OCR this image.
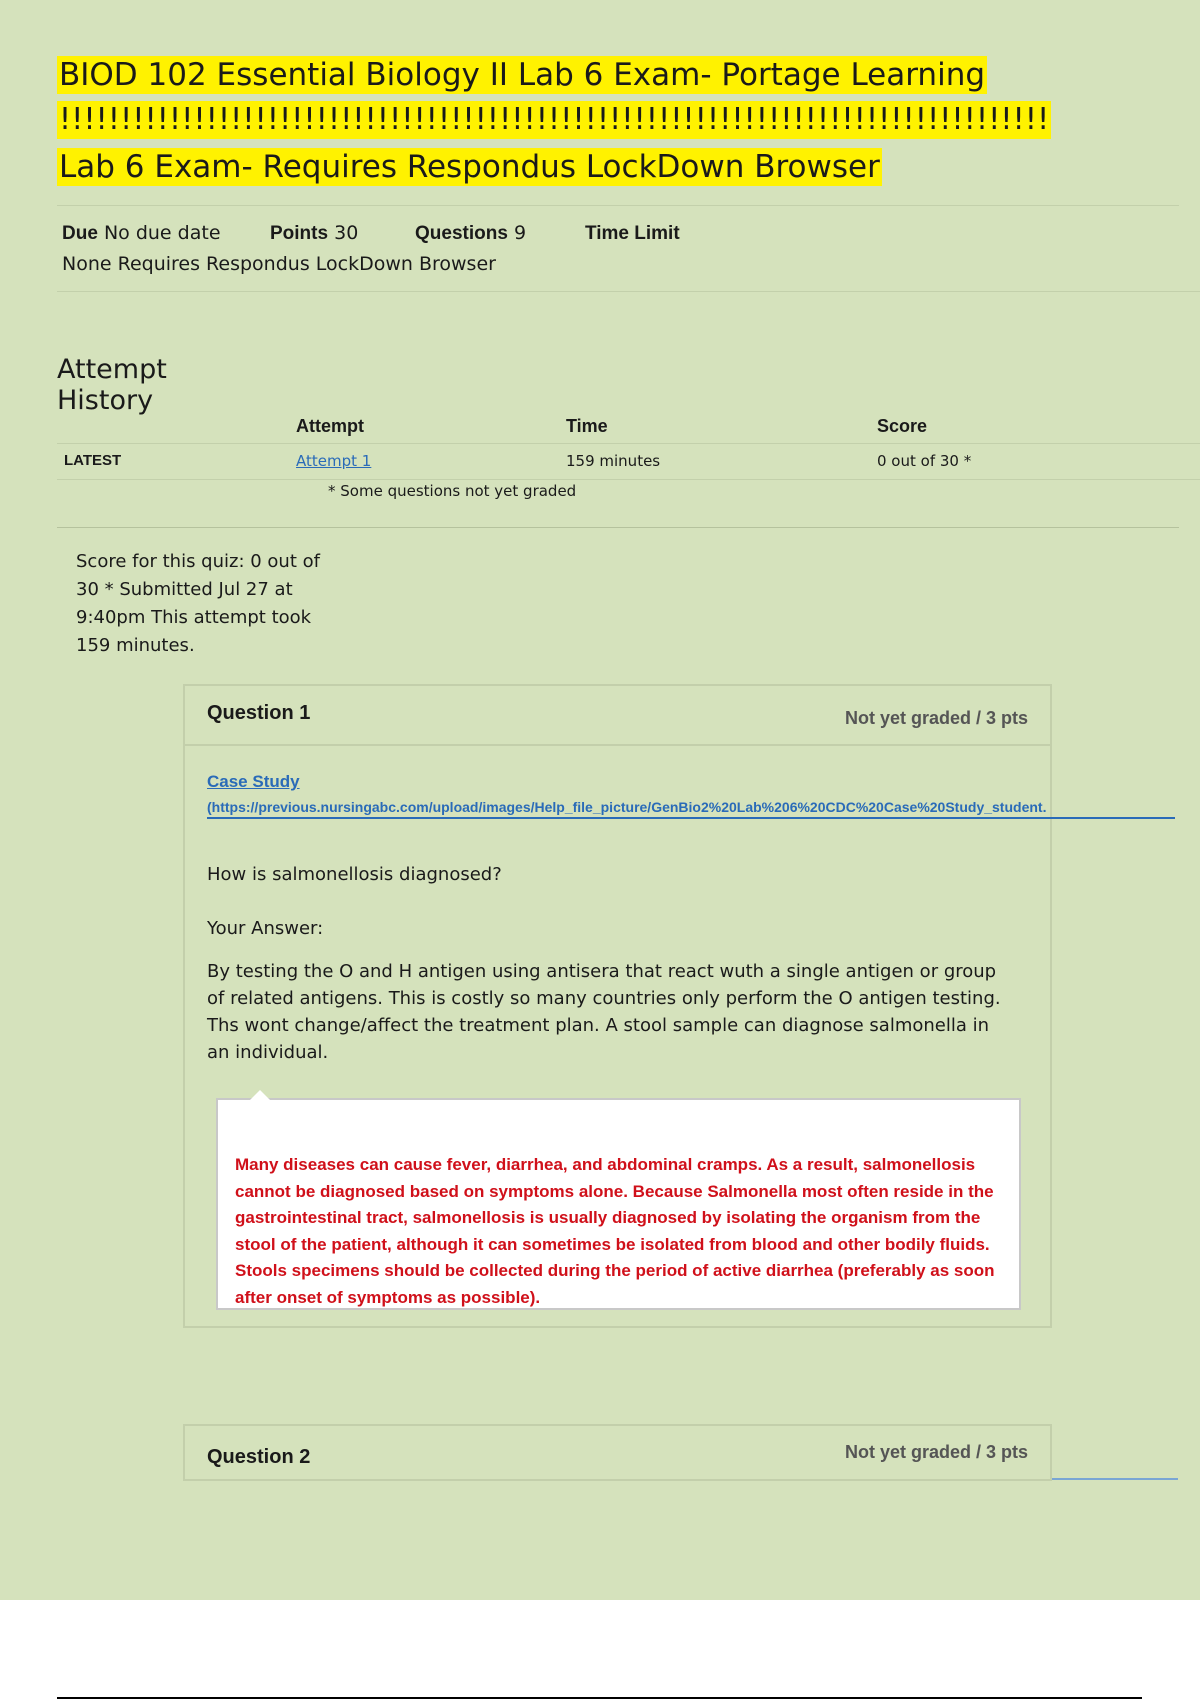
BIOD 102 Essential Biology II Lab 6 Exam- Portage Learning
!!!!!!!!!!!!!!!!!!!!!!!!!!!!!!!!!!!!!!!!!!!!!!!!!!!!!!!!!!!!!!!!!!!!!!!!!!!!!!!!!
Lab 6 Exam- Requires Respondus LockDown Browser
Due No due date	Points 30	Questions 9	Time Limit
None Requires Respondus LockDown Browser
Attempt
History
Attempt	Time	Score
LATEST	Attempt 1	159 minutes	0 out of 30 *
* Some questions not yet graded
Score for this quiz: 0 out of 30 * Submitted Jul 27 at 9:40pm This attempt took 159 minutes.
Question 1	Not yet graded / 3 pts
Case Study
(https://previous.nursingabc.com/upload/images/Help_file_picture/GenBio2%20Lab%206%20CDC%20Case%20Study_student.
How is salmonellosis diagnosed?
Your Answer:
By testing the O and H antigen using antisera that react wuth a single antigen or group of related antigens. This is costly so many countries only perform the O antigen testing. Ths wont change/affect the treatment plan. A stool sample can diagnose salmonella in an individual.
Many diseases can cause fever, diarrhea, and abdominal cramps. As a result, salmonellosis cannot be diagnosed based on symptoms alone. Because Salmonella most often reside in the gastrointestinal tract, salmonellosis is usually diagnosed by isolating the organism from the stool of the patient, although it can sometimes be isolated from blood and other bodily fluids. Stools specimens should be collected during the period of active diarrhea (preferably as soon after onset of symptoms as possible).
Question 2	Not yet graded / 3 pts
